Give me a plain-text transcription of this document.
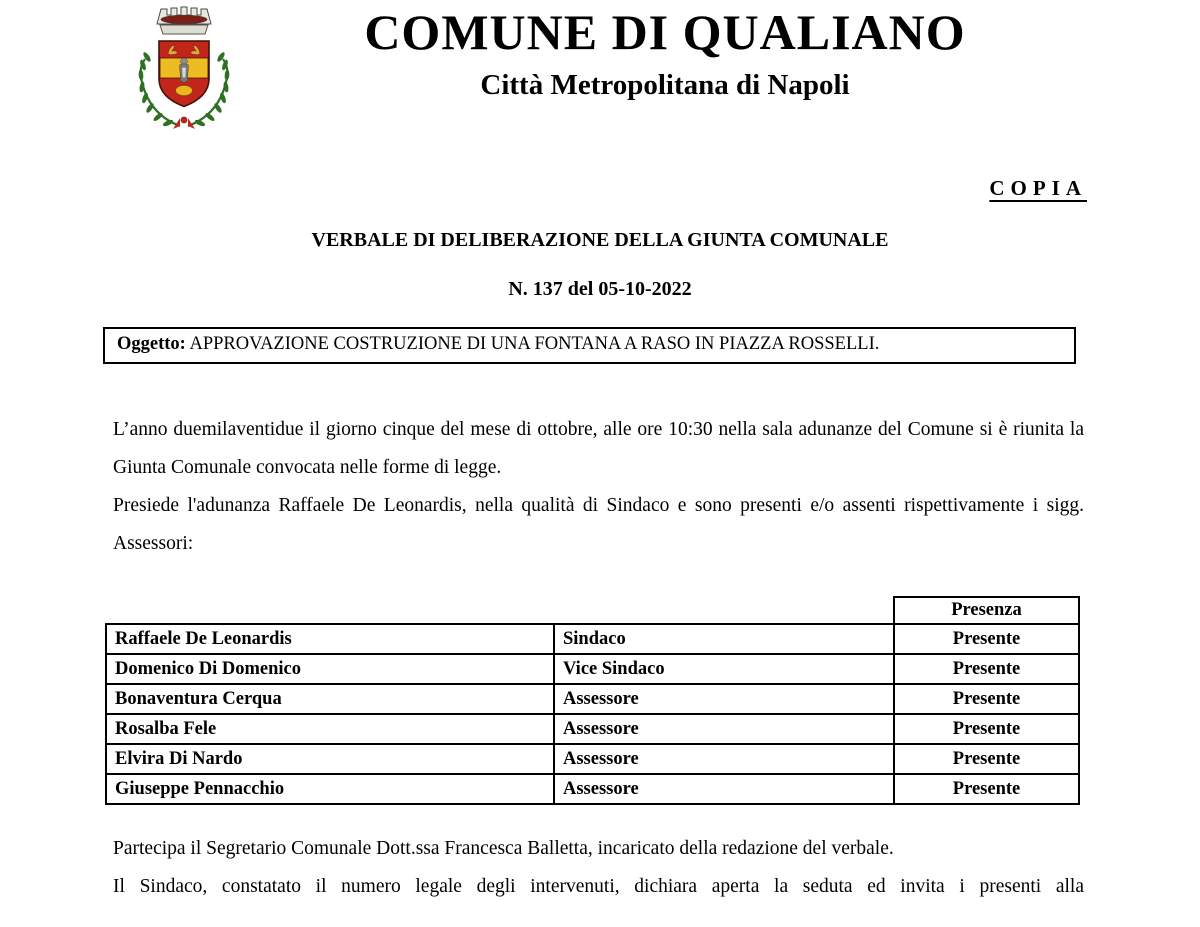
COMUNE DI QUALIANO
Città Metropolitana di Napoli
COPIA
VERBALE DI DELIBERAZIONE DELLA GIUNTA COMUNALE
N. 137 del 05-10-2022
Oggetto: APPROVAZIONE COSTRUZIONE DI UNA FONTANA A RASO IN PIAZZA ROSSELLI.

L’anno duemilaventidue il giorno cinque del mese di ottobre, alle ore 10:30 nella sala adunanze del Comune si è riunita la Giunta Comunale convocata nelle forme di legge.

Presiede l'adunanza Raffaele De Leonardis, nella qualità di Sindaco e sono presenti e/o assenti rispettivamente i sigg. Assessori:

		Presenza
Raffaele De Leonardis	Sindaco	Presente
Domenico Di Domenico	Vice Sindaco	Presente
Bonaventura Cerqua	Assessore	Presente
Rosalba Fele	Assessore	Presente
Elvira Di Nardo	Assessore	Presente
Giuseppe Pennacchio	Assessore	Presente

Partecipa il Segretario Comunale Dott.ssa Francesca Balletta, incaricato della redazione del verbale.

Il Sindaco, constatato il numero legale degli intervenuti, dichiara aperta la seduta ed invita i presenti alla
